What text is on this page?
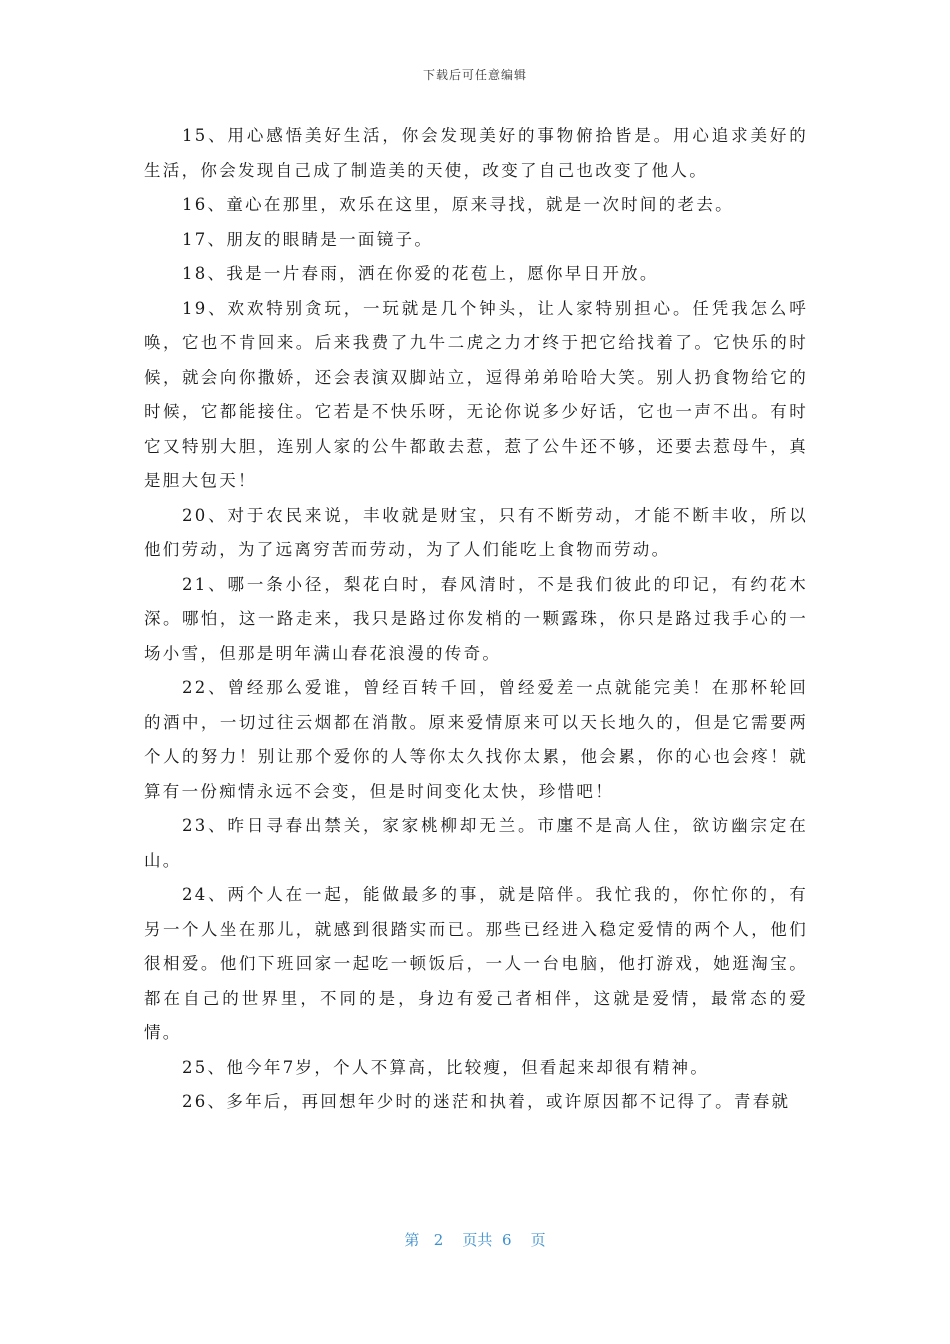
下载后可任意编辑

15、用心感悟美好生活，你会发现美好的事物俯拾皆是。用心追求美好的生活，你会发现自己成了制造美的天使，改变了自己也改变了他人。

16、童心在那里，欢乐在这里，原来寻找，就是一次时间的老去。

17、朋友的眼睛是一面镜子。

18、我是一片春雨，洒在你爱的花苞上，愿你早日开放。

19、欢欢特别贪玩，一玩就是几个钟头，让人家特别担心。任凭我怎么呼唤，它也不肯回来。后来我费了九牛二虎之力才终于把它给找着了。它快乐的时候，就会向你撒娇，还会表演双脚站立，逗得弟弟哈哈大笑。别人扔食物给它的时候，它都能接住。它若是不快乐呀，无论你说多少好话，它也一声不出。有时它又特别大胆，连别人家的公牛都敢去惹，惹了公牛还不够，还要去惹母牛，真是胆大包天！

20、对于农民来说，丰收就是财宝，只有不断劳动，才能不断丰收，所以他们劳动，为了远离穷苦而劳动，为了人们能吃上食物而劳动。

21、哪一条小径，梨花白时，春风清时，不是我们彼此的印记，有约花木深。哪怕，这一路走来，我只是路过你发梢的一颗露珠，你只是路过我手心的一场小雪，但那是明年满山春花浪漫的传奇。

22、曾经那么爱谁，曾经百转千回，曾经爱差一点就能完美！在那杯轮回的酒中，一切过往云烟都在消散。原来爱情原来可以天长地久的，但是它需要两个人的努力！别让那个爱你的人等你太久找你太累，他会累，你的心也会疼！就算有一份痴情永远不会变，但是时间变化太快，珍惜吧！

23、昨日寻春出禁关，家家桃柳却无兰。市廛不是高人住，欲访幽宗定在山。

24、两个人在一起，能做最多的事，就是陪伴。我忙我的，你忙你的，有另一个人坐在那儿，就感到很踏实而已。那些已经进入稳定爱情的两个人，他们很相爱。他们下班回家一起吃一顿饭后，一人一台电脑，他打游戏，她逛淘宝。都在自己的世界里，不同的是，身边有爱己者相伴，这就是爱情，最常态的爱情。

25、他今年7岁，个人不算高，比较瘦，但看起来却很有精神。

26、多年后，再回想年少时的迷茫和执着，或许原因都不记得了。青春就

第 2 页共 6 页
